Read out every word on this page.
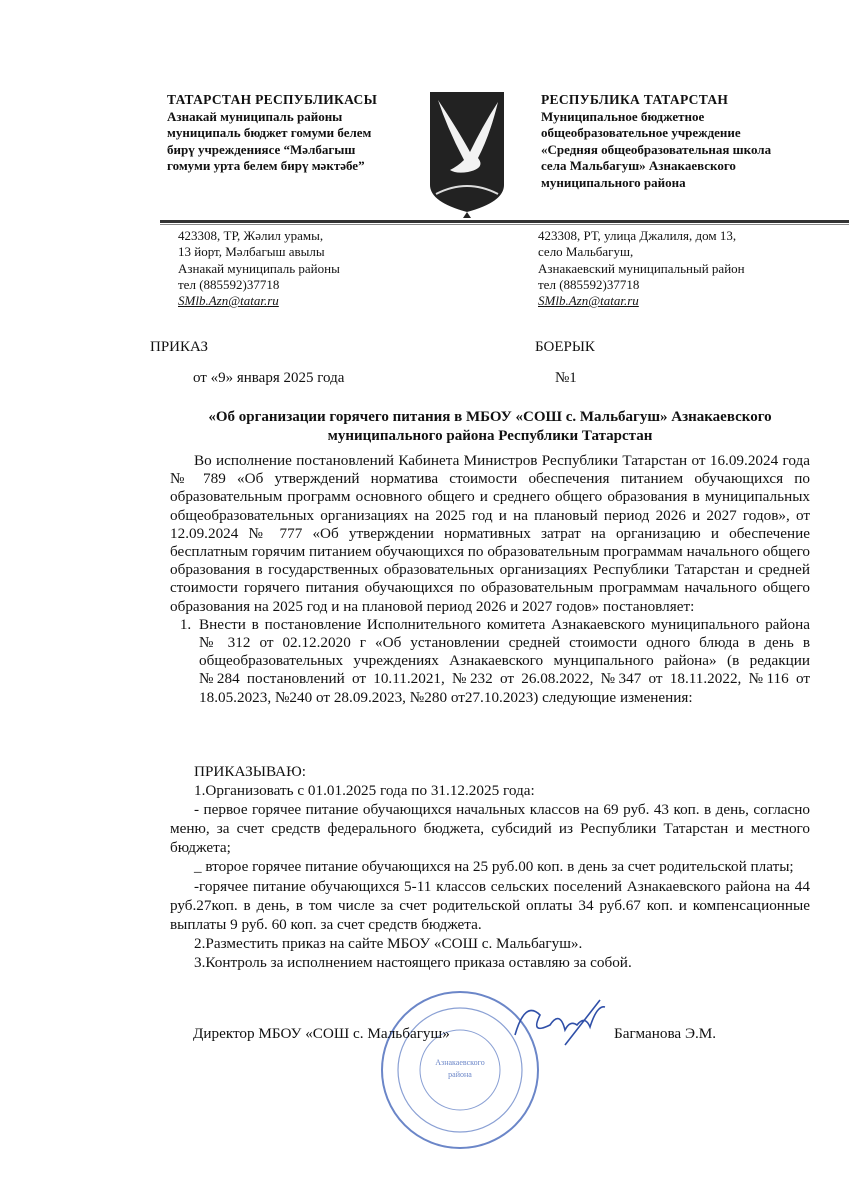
ТАТАРСТАН РЕСПУБЛИКАСЫ
Азнакай муниципаль районы
муниципаль бюджет гомуми белем
бирү учреждениясе “Мәлбагыш
гомуми урта белем бирү мәктәбе”
РЕСПУБЛИКА ТАТАРСТАН
Муниципальное бюджетное
общеобразовательное учреждение
«Средняя общеобразовательная школа
села Мальбагуш» Азнакаевского
муниципального района
423308, ТР, Жәлил урамы,
13 йорт, Мәлбагыш авылы
Азнакай муниципаль районы
тел (885592)37718
SMlb.Azn@tatar.ru
423308, РТ, улица Джалиля, дом 13,
село Мальбагуш,
Азнакаевский муниципальный район
тел (885592)37718
SMlb.Azn@tatar.ru
ПРИКАЗ	БОЕРЫК
от «9» января 2025 года	№1
«Об организации горячего питания в МБОУ «СОШ с. Мальбагуш» Азнакаевского
муниципального района Республики Татарстан

Во исполнение постановлений Кабинета Министров Республики Татарстан от 16.09.2024 года № 789 «Об утверждений норматива стоимости обеспечения питанием обучающихся по образовательным программ основного общего и среднего общего образования в муниципальных общеобразовательных организациях на 2025 год и на плановый период 2026 и 2027 годов», от 12.09.2024 № 777 «Об утверждении нормативных затрат на организацию и обеспечение бесплатным горячим питанием обучающихся по образовательным программам начального общего образования в государственных образовательных организациях Республики Татарстан и средней стоимости горячего питания обучающихся по образовательным программам начального общего образования на 2025 год и на плановой период 2026 и 2027 годов» постановляет:

1. Внести в постановление Исполнительного комитета Азнакаевского муниципального района № 312 от 02.12.2020 г «Об установлении средней стоимости одного блюда в день в общеобразовательных учреждениях Азнакаевского мунципального района» (в редакции №284 постановлений от 10.11.2021, №232 от 26.08.2022, №347 от 18.11.2022, №116 от 18.05.2023, №240 от 28.09.2023, №280 от27.10.2023) следующие изменения:

ПРИКАЗЫВАЮ:

1.Организовать с 01.01.2025 года по 31.12.2025 года:

- первое горячее питание обучающихся начальных классов на 69 руб. 43 коп. в день, согласно меню, за счет средств федерального бюджета, субсидий из Республики Татарстан и местного бюджета;

_ второе горячее питание обучающихся на 25 руб.00 коп. в день за счет родительской платы;

-горячее питание обучающихся 5-11 классов сельских поселений Азнакаевского района на 44 руб.27коп. в день, в том числе за счет родительской оплаты 34 руб.67 коп. и компенсационные выплаты 9 руб. 60 коп. за счет средств бюджета.

2.Разместить приказ на сайте МБОУ «СОШ с. Мальбагуш».

3.Контроль за исполнением настоящего приказа оставляю за собой.

Азнакаевского
района
Директор МБОУ «СОШ с. Мальбагуш»	Багманова Э.М.
